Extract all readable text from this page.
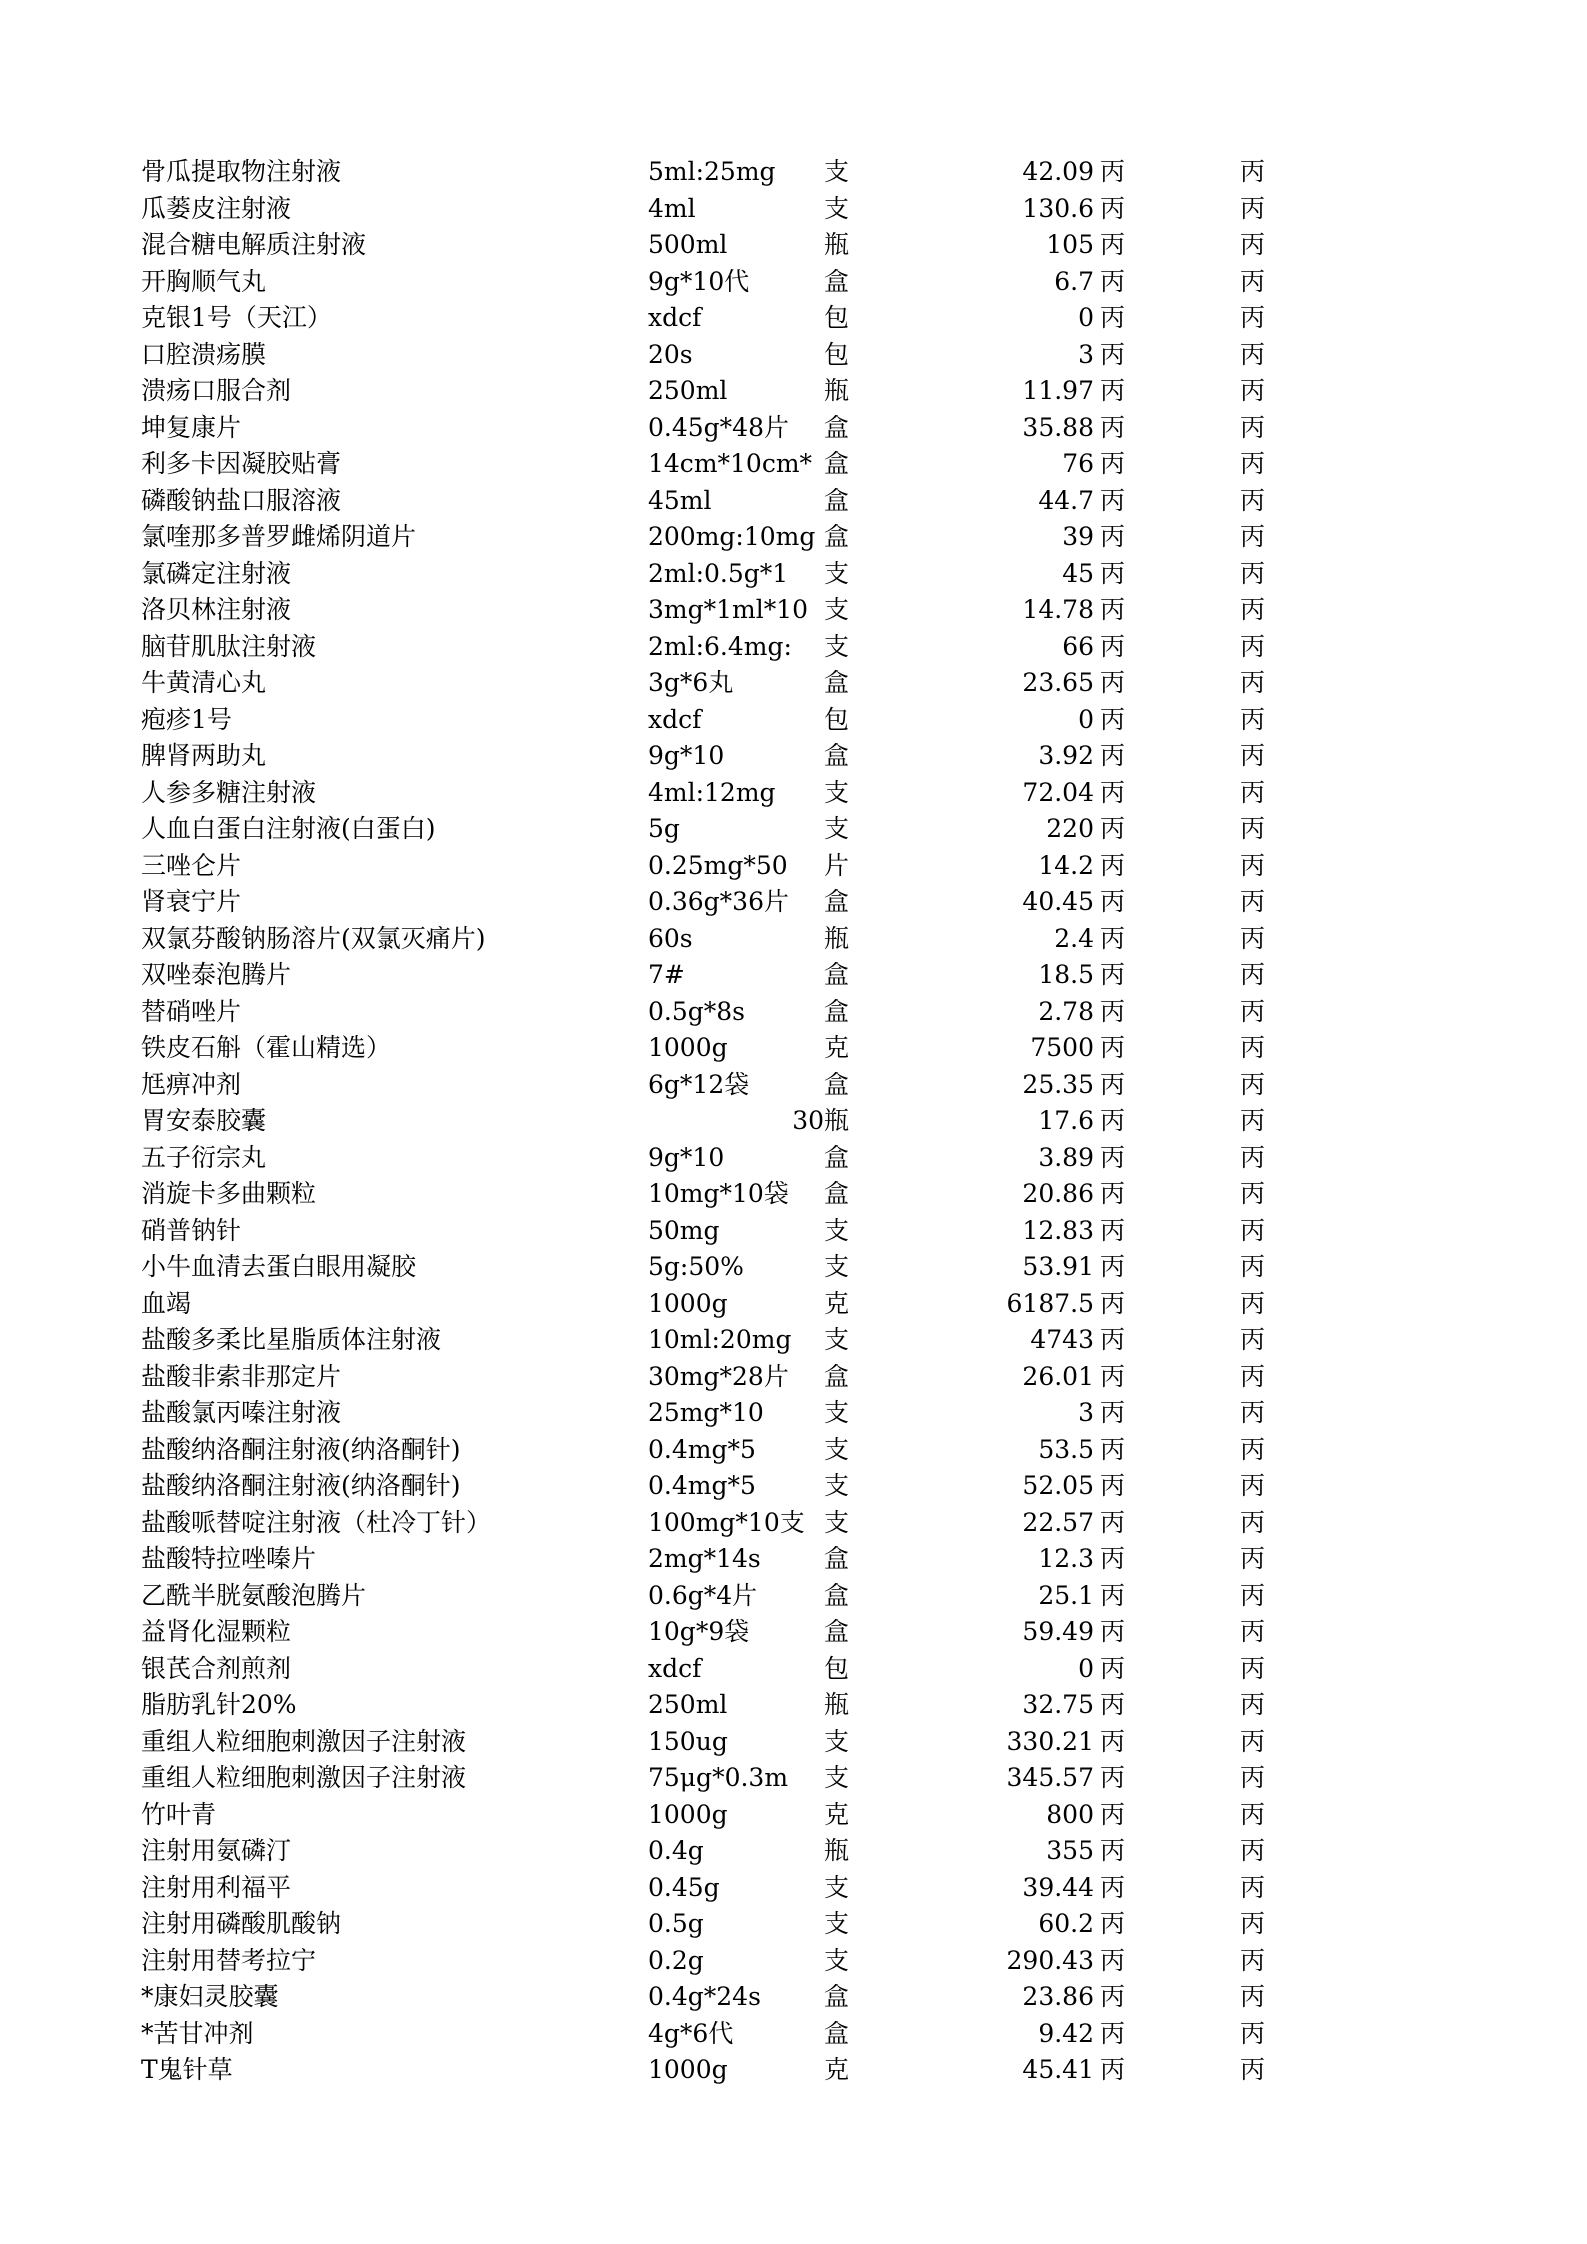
骨瓜提取物注射液	5ml:25mg	支	42.09	丙	丙
瓜蒌皮注射液	4ml	支	130.6	丙	丙
混合糖电解质注射液	500ml	瓶	105	丙	丙
开胸顺气丸	9g*10代	盒	6.7	丙	丙
克银1号（天江）	xdcf	包	0	丙	丙
口腔溃疡膜	20s	包	3	丙	丙
溃疡口服合剂	250ml	瓶	11.97	丙	丙
坤复康片	0.45g*48片	盒	35.88	丙	丙
利多卡因凝胶贴膏	14cm*10cm*	盒	76	丙	丙
磷酸钠盐口服溶液	45ml	盒	44.7	丙	丙
氯喹那多普罗雌烯阴道片	200mg:10mg	盒	39	丙	丙
氯磷定注射液	2ml:0.5g*1	支	45	丙	丙
洛贝林注射液	3mg*1ml*10	支	14.78	丙	丙
脑苷肌肽注射液	2ml:6.4mg:	支	66	丙	丙
牛黄清心丸	3g*6丸	盒	23.65	丙	丙
疱疹1号	xdcf	包	0	丙	丙
脾肾两助丸	9g*10	盒	3.92	丙	丙
人参多糖注射液	4ml:12mg	支	72.04	丙	丙
人血白蛋白注射液(白蛋白)	5g	支	220	丙	丙
三唑仑片	0.25mg*50	片	14.2	丙	丙
肾衰宁片	0.36g*36片	盒	40.45	丙	丙
双氯芬酸钠肠溶片(双氯灭痛片)	60s	瓶	2.4	丙	丙
双唑泰泡腾片	7#	盒	18.5	丙	丙
替硝唑片	0.5g*8s	盒	2.78	丙	丙
铁皮石斛（霍山精选）	1000g	克	7500	丙	丙
尪痹冲剂	6g*12袋	盒	25.35	丙	丙
胃安泰胶囊	30	瓶	17.6	丙	丙
五子衍宗丸	9g*10	盒	3.89	丙	丙
消旋卡多曲颗粒	10mg*10袋	盒	20.86	丙	丙
硝普钠针	50mg	支	12.83	丙	丙
小牛血清去蛋白眼用凝胶	5g:50%	支	53.91	丙	丙
血竭	1000g	克	6187.5	丙	丙
盐酸多柔比星脂质体注射液	10ml:20mg	支	4743	丙	丙
盐酸非索非那定片	30mg*28片	盒	26.01	丙	丙
盐酸氯丙嗪注射液	25mg*10	支	3	丙	丙
盐酸纳洛酮注射液(纳洛酮针)	0.4mg*5	支	53.5	丙	丙
盐酸纳洛酮注射液(纳洛酮针)	0.4mg*5	支	52.05	丙	丙
盐酸哌替啶注射液（杜冷丁针）	100mg*10支	支	22.57	丙	丙
盐酸特拉唑嗪片	2mg*14s	盒	12.3	丙	丙
乙酰半胱氨酸泡腾片	0.6g*4片	盒	25.1	丙	丙
益肾化湿颗粒	10g*9袋	盒	59.49	丙	丙
银芪合剂煎剂	xdcf	包	0	丙	丙
脂肪乳针20%	250ml	瓶	32.75	丙	丙
重组人粒细胞刺激因子注射液	150ug	支	330.21	丙	丙
重组人粒细胞刺激因子注射液	75μg*0.3m	支	345.57	丙	丙
竹叶青	1000g	克	800	丙	丙
注射用氨磷汀	0.4g	瓶	355	丙	丙
注射用利福平	0.45g	支	39.44	丙	丙
注射用磷酸肌酸钠	0.5g	支	60.2	丙	丙
注射用替考拉宁	0.2g	支	290.43	丙	丙
*康妇灵胶囊	0.4g*24s	盒	23.86	丙	丙
*苦甘冲剂	4g*6代	盒	9.42	丙	丙
T鬼针草	1000g	克	45.41	丙	丙
